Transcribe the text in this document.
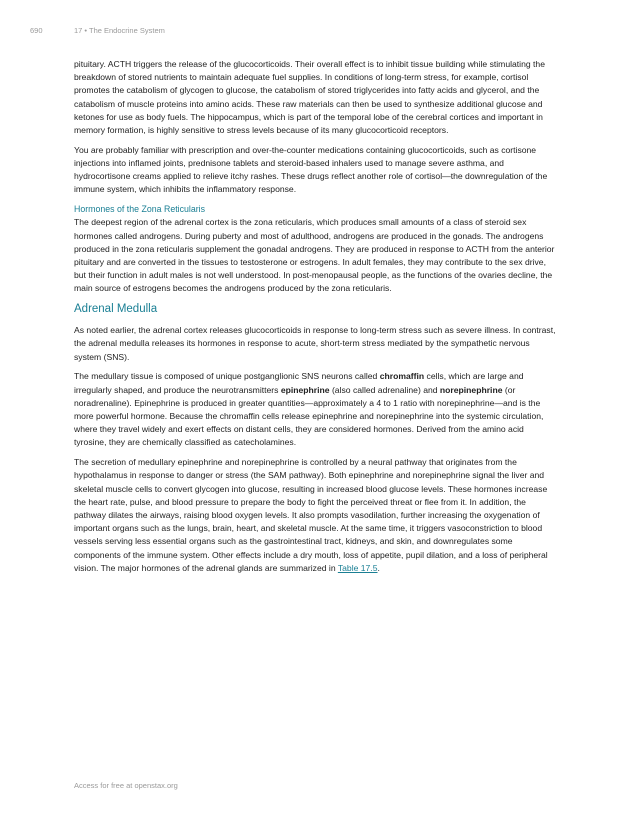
690	17 • The Endocrine System

pituitary. ACTH triggers the release of the glucocorticoids. Their overall effect is to inhibit tissue building while stimulating the breakdown of stored nutrients to maintain adequate fuel supplies. In conditions of long-term stress, for example, cortisol promotes the catabolism of glycogen to glucose, the catabolism of stored triglycerides into fatty acids and glycerol, and the catabolism of muscle proteins into amino acids. These raw materials can then be used to synthesize additional glucose and ketones for use as body fuels. The hippocampus, which is part of the temporal lobe of the cerebral cortices and important in memory formation, is highly sensitive to stress levels because of its many glucocorticoid receptors.

You are probably familiar with prescription and over-the-counter medications containing glucocorticoids, such as cortisone injections into inflamed joints, prednisone tablets and steroid-based inhalers used to manage severe asthma, and hydrocortisone creams applied to relieve itchy rashes. These drugs reflect another role of cortisol—the downregulation of the immune system, which inhibits the inflammatory response.

Hormones of the Zona Reticularis

The deepest region of the adrenal cortex is the zona reticularis, which produces small amounts of a class of steroid sex hormones called androgens. During puberty and most of adulthood, androgens are produced in the gonads. The androgens produced in the zona reticularis supplement the gonadal androgens. They are produced in response to ACTH from the anterior pituitary and are converted in the tissues to testosterone or estrogens. In adult females, they may contribute to the sex drive, but their function in adult males is not well understood. In post-menopausal people, as the functions of the ovaries decline, the main source of estrogens becomes the androgens produced by the zona reticularis.

Adrenal Medulla

As noted earlier, the adrenal cortex releases glucocorticoids in response to long-term stress such as severe illness. In contrast, the adrenal medulla releases its hormones in response to acute, short-term stress mediated by the sympathetic nervous system (SNS).

The medullary tissue is composed of unique postganglionic SNS neurons called chromaffin cells, which are large and irregularly shaped, and produce the neurotransmitters epinephrine (also called adrenaline) and norepinephrine (or noradrenaline). Epinephrine is produced in greater quantities—approximately a 4 to 1 ratio with norepinephrine—and is the more powerful hormone. Because the chromaffin cells release epinephrine and norepinephrine into the systemic circulation, where they travel widely and exert effects on distant cells, they are considered hormones. Derived from the amino acid tyrosine, they are chemically classified as catecholamines.

The secretion of medullary epinephrine and norepinephrine is controlled by a neural pathway that originates from the hypothalamus in response to danger or stress (the SAM pathway). Both epinephrine and norepinephrine signal the liver and skeletal muscle cells to convert glycogen into glucose, resulting in increased blood glucose levels. These hormones increase the heart rate, pulse, and blood pressure to prepare the body to fight the perceived threat or flee from it. In addition, the pathway dilates the airways, raising blood oxygen levels. It also prompts vasodilation, further increasing the oxygenation of important organs such as the lungs, brain, heart, and skeletal muscle. At the same time, it triggers vasoconstriction to blood vessels serving less essential organs such as the gastrointestinal tract, kidneys, and skin, and downregulates some components of the immune system. Other effects include a dry mouth, loss of appetite, pupil dilation, and a loss of peripheral vision. The major hormones of the adrenal glands are summarized in Table 17.5.

Access for free at openstax.org
